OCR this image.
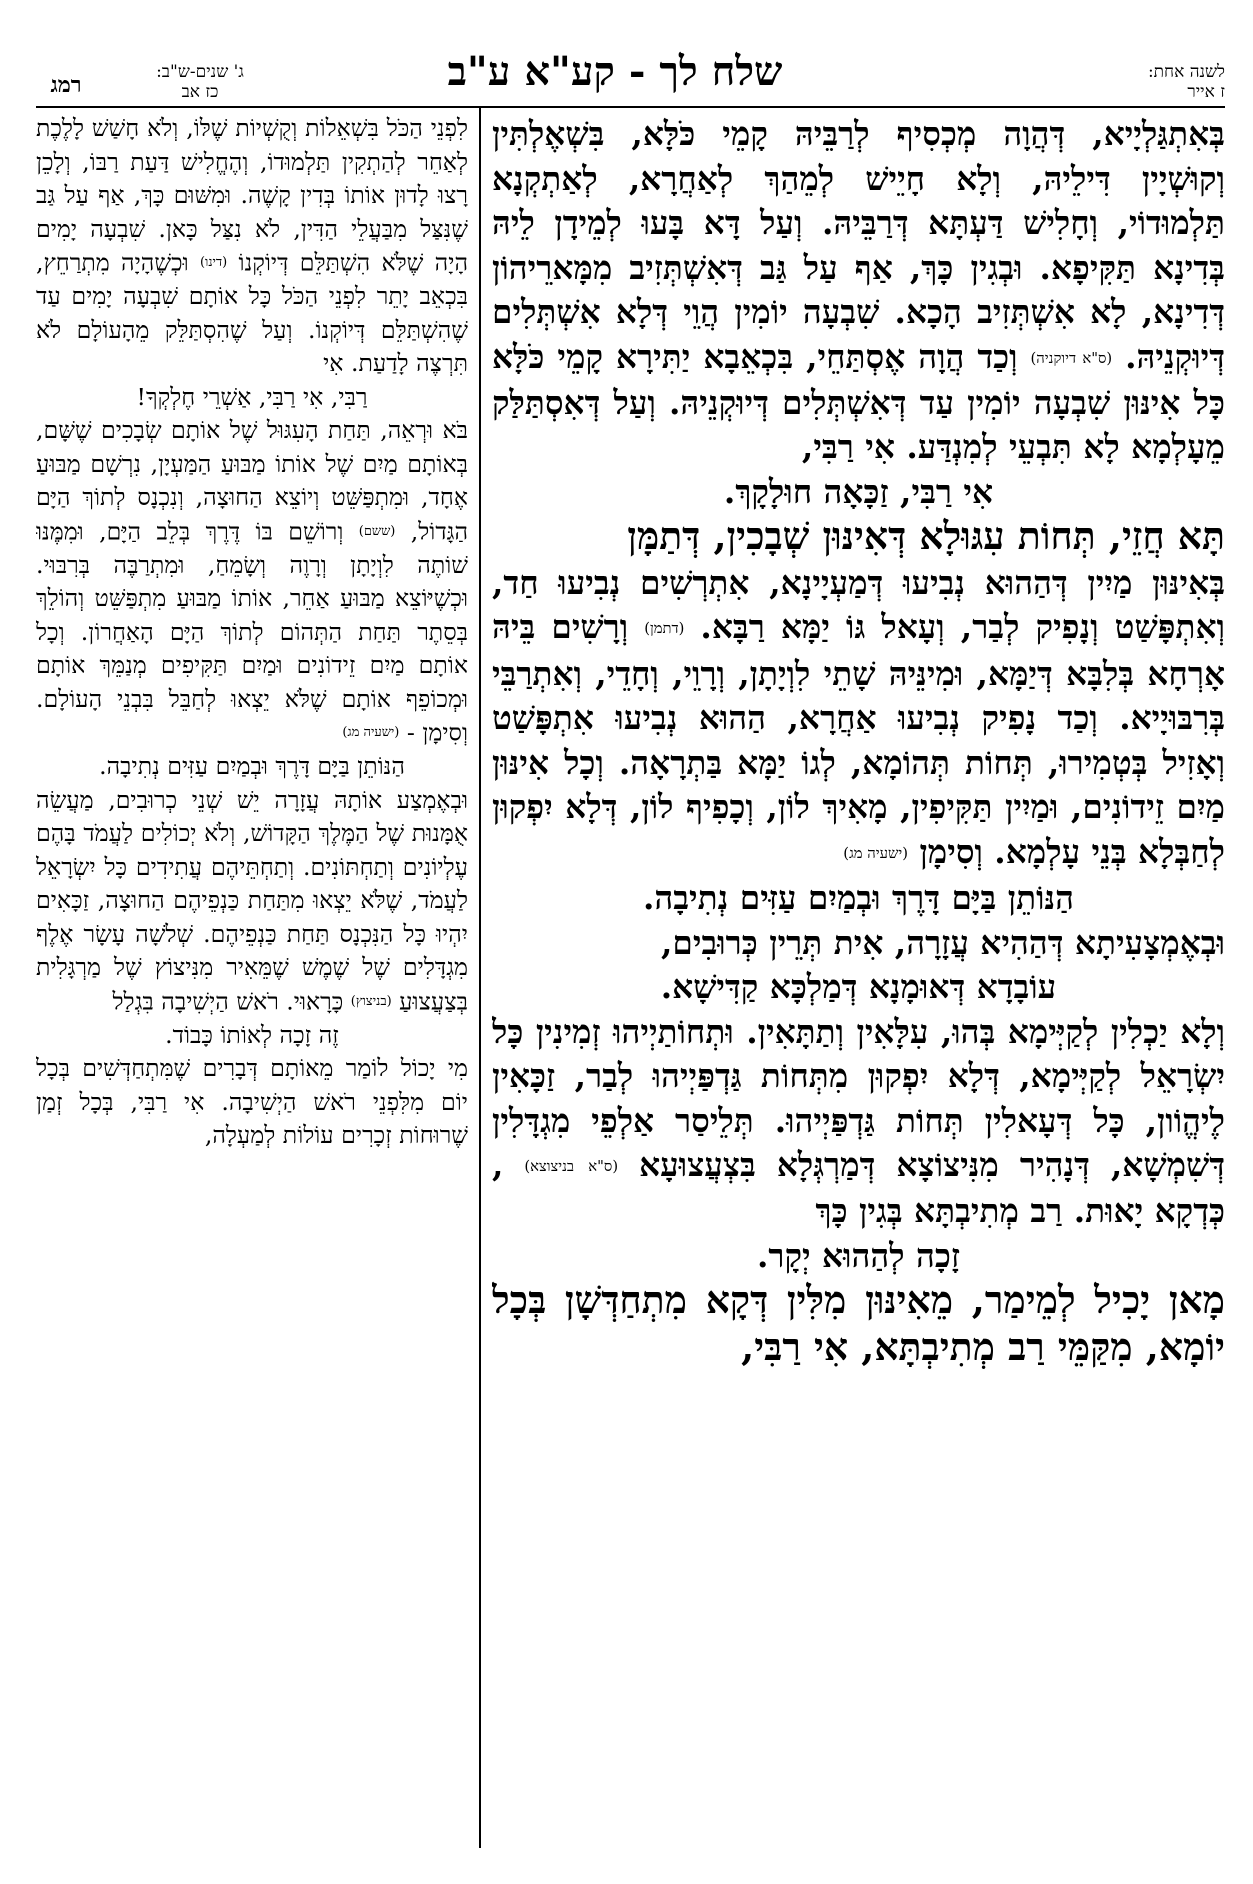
לשנה אחת:
ז אייר
שלח לך - קע"א ע"ב
ג' שנים-ש"ב:
כז אב
רמג

בְּאִתְגַּלְיָיא, דְּהֲוָה מְכְסִיף לְרַבֵּיהּ קָמֵי כֹּלָּא, בִּשְׁאֶלְתִּין וְקוּשְׁיָין דִּילֵיהּ, וְלָא חָיֵישׁ לְמֵהַךְ לְאַחֲרָא, לְאַתְקְנָא תַּלְמוּדוֹי, וְחָלִישׁ דַּעְתָּא דְּרַבֵּיהּ. וְעַל דָּא בָּעוּ לְמֵידָן לֵיהּ בְּדִינָא תַּקִּיפָא. וּבְגִין כָּךְ, אַף עַל גַּב דְּאִשְׁתְּזִיב מִמָּארֵיהוֹן דְּדִינָא, לָא אִשְׁתְּזִיב הָכָא. שִׁבְעָה יוֹמִין הֲוֵי דְּלָא אִשְׁתְּלִים דְּיוּקְנֵיהּ. (ס"א דיוקניה) וְכַד הֲוָה אֶסְתַּחֵי, בִּכְאֵבָא יַתִּירָא קָמֵי כֹּלָּא כָּל אִינּוּן שִׁבְעָה יוֹמִין עַד דְּאִשְׁתְּלִים דְּיוּקְנֵיהּ. וְעַל דְּאִסְתַּלַּק מֵעָלְמָא לָא תִּבְעֵי לְמִנְדַּע. אִי רַבִּי,

אִי רַבִּי, זַכָּאָה חוּלָקָךְ.

תָּא חֲזֵי, תְּחוֹת עִגּוּלָא דְּאִינּוּן שְׁבָכִין, דְּתַמָּן

בְּאִינּוּן מַיִין דְּהַהוּא נְבִיעוּ דְּמַעְיָינָא, אִתְרְשִׁים נְבִיעוּ חַד, וְאִתְפָּשַׁט וְנָפִיק לְבַר, וְעָאל גּוֹ יַמָּא רַבָּא. (דתמן) וְרָשִׁים בֵּיהּ אָרְחָא בְּלִבָּא דְּיַמָּא, וּמִינֵּיהּ שָׁתֵי לִוְיָתָן, וְרָוֵי, וְחָדֵי, וְאִתְרַבֵּי בְּרִבּוּיָיא. וְכַד נָפִיק נְבִיעוּ אַחֲרָא, הַהוּא נְבִיעוּ אִתְפָּשַׁט וְאָזִיל בְּטְמִירוּ, תְּחוֹת תְּהוֹמָא, לְגוֹ יַמָּא בַּתְרָאָה. וְכָל אִינּוּן מַיִם זֵידוֹנִים, וּמַיִין תַּקִּיפִין, מָאִיךְ לוֹן, וְכָפִיף לוֹן, דְּלָא יִפְקוּן לְחַבְּלָא בְּנֵי עָלְמָא. וְסִימָן (ישעיה מג)

הַנּוֹתֵן בַּיָּם דָּרֶךְ וּבְמַיִם עַזִּים נְתִיבָה.

וּבְאֶמְצָעִיתָא דְּהַהִיא עֲזָרָה, אִית תְּרֵין כְּרוּבִים,

עוֹבָדָא דְּאוּמָנָא דְּמַלְכָּא קַדִּישָׁא.

וְלָא יַכְלִין לְקַיְּימָא בְּהוּ, עִלָּאִין וְתַתָּאִין. וּתְחוֹתַיְיהוּ זְמִינִין כָּל יִשְׂרָאֵל לְקַיְּימָא, דְּלָא יִפְקוּן מִתְּחוֹת גַּדְפַּיְיהוּ לְבַר, זַכָּאִין לֶיהֱוֹון, כָּל דְּעָאלִין תְּחוֹת גַּדְפַּיְיהוּ. תְּלֵיסַר אַלְפֵי מִגְדָּלִין דְּשִׁמְשָׁא, דְּנָהִיר מִנִּיצוֹצָא דְּמַרְגְּלָא בִּצְעֲצוּעָא (ס"א בניצוצא) , כְּדְקָא יָאוּת. רַב מְתִיבְתָּא בְּגִין כָּךְ

זָכָה לְהַהוּא יְקָר.

מָאן יָכִיל לְמֵימַר, מֵאִינּוּן מִלִּין דְּקָא מִתְחַדְּשָׁן בְּכָל יוֹמָא, מִקַּמֵּי רַב מְתִיבְתָּא, אִי רַבִּי,

לִפְנֵי הַכֹּל בִּשְׁאֵלוֹת וְקֻשְׁיוֹת שֶׁלּוֹ, וְלֹא חָשַׁשׁ לָלֶכֶת לְאַחֵר לְהַתְקִין תַּלְמוּדוֹ, וְהֶחֱלִישׁ דַּעַת רַבּוֹ, וְלָכֵן רָצוּ לָדוּן אוֹתוֹ בְּדִין קָשֶׁה. וּמִשּׁוּם כָּךְ, אַף עַל גַּב שֶׁנִּצַּל מִבַּעֲלֵי הַדִּין, לֹא נִצַּל כָּאן. שִׁבְעָה יָמִים הָיָה שֶׁלֹּא הִשְׁתַּלֵּם דְּיוֹקְנוֹ (דינו) וּכְשֶׁהָיָה מִתְרַחֵץ, בִּכְאֵב יָתֵר לִפְנֵי הַכֹּל כָּל אוֹתָם שִׁבְעָה יָמִים עַד שֶׁהִשְׁתַּלֵּם דְּיוֹקְנוֹ. וְעַל שֶׁהִסְתַּלֵּק מֵהָעוֹלָם לֹא תִּרְצֶה לָדַעַת. אִי

רַבִּי, אִי רַבִּי, אַשְׁרֵי חֶלְקְךָ!

בֹּא וּרְאֵה, תַּחַת הָעִגּוּל שֶׁל אוֹתָם שְׂבָכִים שֶׁשָּׁם, בְּאוֹתָם מַיִם שֶׁל אוֹתוֹ מַבּוּעַ הַמַּעְיָן, נִרְשָׁם מַבּוּעַ אֶחָד, וּמִתְפַּשֵּׁט וְיוֹצֵא הַחוּצָה, וְנִכְנָס לְתוֹךְ הַיָּם הַגָּדוֹל, (ששם) וְרוֹשֵׁם בּוֹ דֶּרֶךְ בְּלֵב הַיָּם, וּמִמֶּנּוּ שׁוֹתֶה לִוְיָתָן וְרָוֶה וְשָׂמֵחַ, וּמִתְרַבֶּה בְּרִבּוּי. וּכְשֶׁיּוֹצֵא מַבּוּעַ אַחֵר, אוֹתוֹ מַבּוּעַ מִתְפַּשֵּׁט וְהוֹלֵךְ בְּסֵתֶר תַּחַת הַתְּהוֹם לְתוֹךְ הַיָּם הָאַחֲרוֹן. וְכָל אוֹתָם מַיִם זֵידוֹנִים וּמַיִם תַּקִּיפִים מְנַמֵּךְ אוֹתָם וּמְכוֹפֵף אוֹתָם שֶׁלֹּא יֵצְאוּ לְחַבֵּל בִּבְנֵי הָעוֹלָם. וְסִימָן - (ישעיה מג)

הַנּוֹתֵן בַּיָּם דָּרֶךְ וּבְמַיִם עַזִּים נְתִיבָה.

וּבְאֶמְצַע אוֹתָהּ עֲזָרָה יֵשׁ שְׁנֵי כְרוּבִים, מַעֲשֵׂה אֻמָּנוּת שֶׁל הַמֶּלֶךְ הַקָּדוֹשׁ, וְלֹא יְכוֹלִים לַעֲמֹד בָּהֶם עֶלְיוֹנִים וְתַחְתּוֹנִים. וְתַחְתֵּיהֶם עֲתִידִים כָּל יִשְׂרָאֵל לַעֲמֹד, שֶׁלֹּא יֵצְאוּ מִתַּחַת כַּנְפֵיהֶם הַחוּצָה, זַכָּאִים יִהְיוּ כָּל הַנִּכְנָס תַּחַת כַּנְפֵיהֶם. שְׁלֹשָׁה עָשָׂר אֶלֶף מִגְדָּלִים שֶׁל שֶׁמֶשׁ שֶׁמֵּאִיר מִנִּיצוֹץ שֶׁל מַרְגָּלִית בְּצַעֲצוּעַ (בניצוץ) כָּרָאוּי. רֹאשׁ הַיְשִׁיבָה בִּגְלַל

זֶה זָכָה לְאוֹתוֹ כָּבוֹד.

מִי יָכוֹל לוֹמַר מֵאוֹתָם דְּבָרִים שֶׁמִּתְחַדְּשִׁים בְּכָל יוֹם מִלִּפְנֵי רֹאשׁ הַיְשִׁיבָה. אִי רַבִּי, בְּכָל זְמַן שֶׁרוּחוֹת זְכָרִים עוֹלוֹת לְמַעְלָה,
